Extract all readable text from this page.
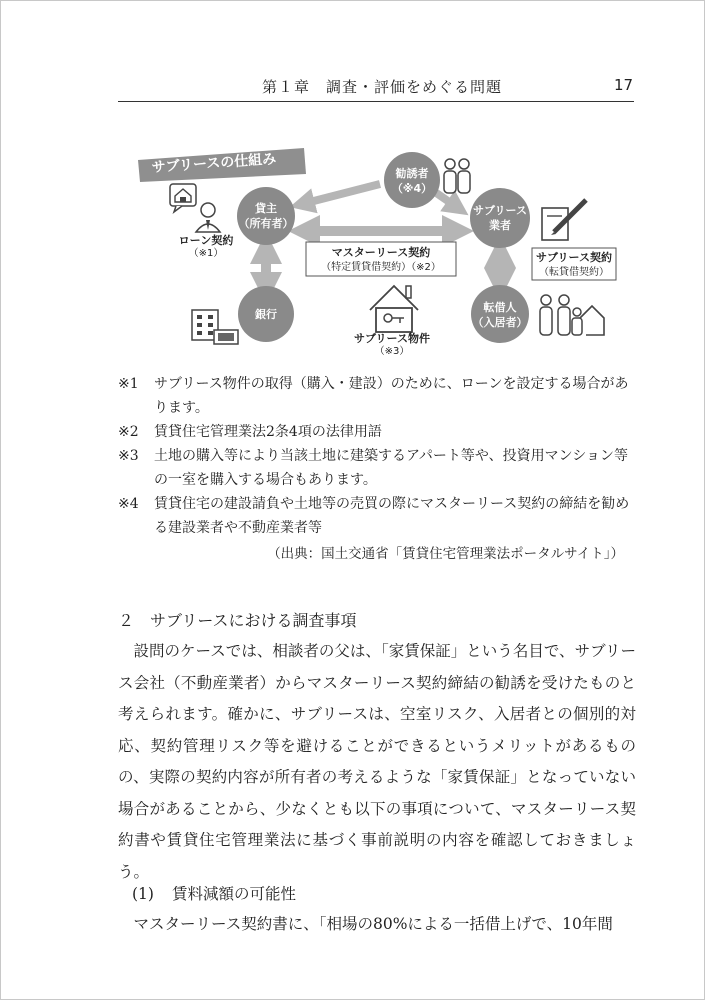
第１章　調査・評価をめぐる問題	17
サブリースの仕組み
貸主
（所有者）
勧誘者
（※4）
サブリース
業者
銀行
転借人
（入居者）
マスターリース契約
（特定賃貸借契約）（※2）
サブリース契約
（転貸借契約）
ローン契約
（※1）
サブリース物件
（※3）
※1 サブリース物件の取得（購入・建設）のために、ローンを設定する場合があります。
※2 賃貸住宅管理業法2条4項の法律用語
※3 土地の購入等により当該土地に建築するアパート等や、投資用マンション等の一室を購入する場合もあります。
※4 賃貸住宅の建設請負や土地等の売買の際にマスターリース契約の締結を勧める建設業者や不動産業者等
（出典：国土交通省「賃貸住宅管理業法ポータルサイト」）
２ サブリースにおける調査事項

設問のケースでは、相談者の父は、「家賃保証」という名目で、サブリース会社（不動産業者）からマスターリース契約締結の勧誘を受けたものと考えられます。確かに、サブリースは、空室リスク、入居者との個別的対応、契約管理リスク等を避けることができるというメリットがあるものの、実際の契約内容が所有者の考えるような「家賃保証」となっていない場合があることから、少なくとも以下の事項について、マスターリース契約書や賃貸住宅管理業法に基づく事前説明の内容を確認しておきましょう。

(1) 賃料減額の可能性
マスターリース契約書に、「相場の80%による一括借上げで、10年間
